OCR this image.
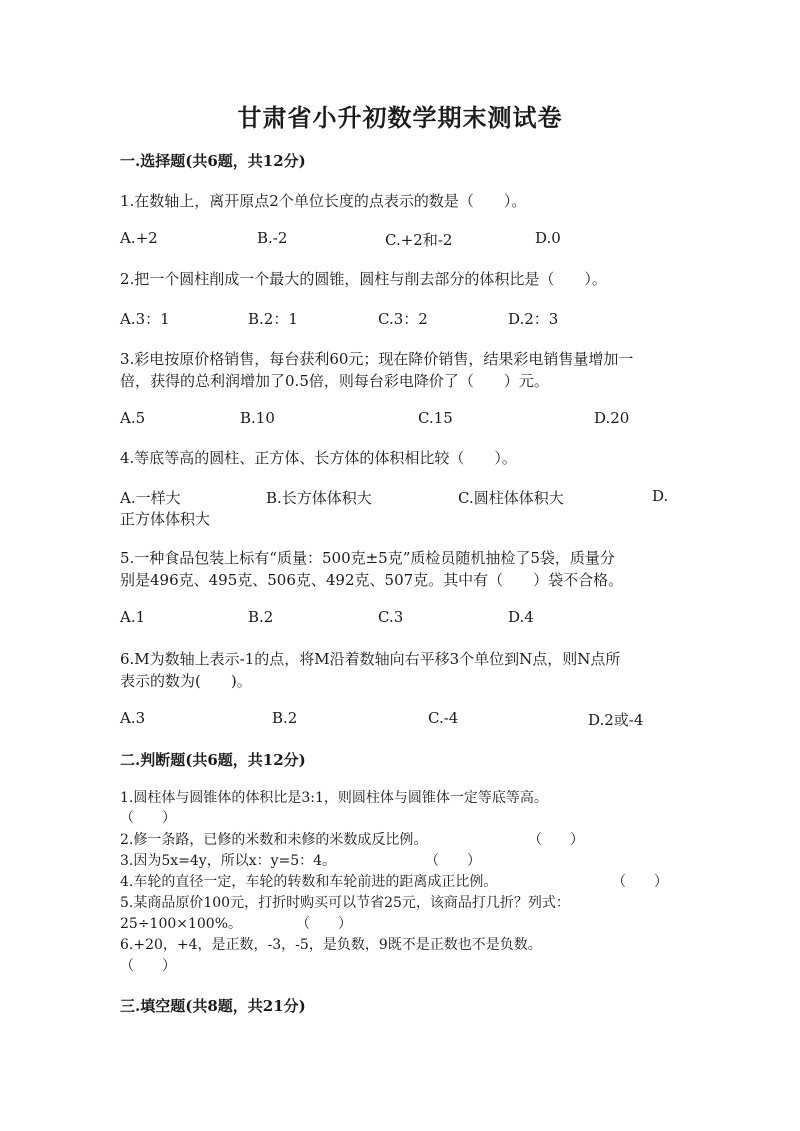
甘肃省小升初数学期末测试卷
一.选择题(共6题，共12分)
1.在数轴上，离开原点2个单位长度的点表示的数是（　　）。
A.+2	B.-2	C.+2和-2	D.0
2.把一个圆柱削成一个最大的圆锥，圆柱与削去部分的体积比是（　　）。
A.3：1	B.2：1	C.3：2	D.2：3
3.彩电按原价格销售，每台获利60元；现在降价销售，结果彩电销售量增加一
倍，获得的总利润增加了0.5倍，则每台彩电降价了（　　）元。
A.5	B.10	C.15	D.20
4.等底等高的圆柱、正方体、长方体的体积相比较（　　）。
A.一样大	B.长方体体积大	C.圆柱体体积大	D.
正方体体积大
5.一种食品包装上标有“质量：500克±5克”质检员随机抽检了5袋，质量分
别是496克、495克、506克、492克、507克。其中有（　　）袋不合格。
A.1	B.2	C.3	D.4
6.M为数轴上表示-1的点，将M沿着数轴向右平移3个单位到N点，则N点所
表示的数为(　　)。
A.3	B.2	C.-4	D.2或-4
二.判断题(共6题，共12分)
1.圆柱体与圆锥体的体积比是3:1，则圆柱体与圆锥体一定等底等高。
（　　）
2.修一条路，已修的米数和未修的米数成反比例。	（　　）
3.因为5x=4y，所以x：y=5：4。	（　　）
4.车轮的直径一定，车轮的转数和车轮前进的距离成正比例。	（　　）
5.某商品原价100元，打折时购买可以节省25元，该商品打几折？列式：
25÷100×100%。	（　　）
6.+20，+4，是正数，-3，-5，是负数，9既不是正数也不是负数。
（　　）
三.填空题(共8题，共21分)
